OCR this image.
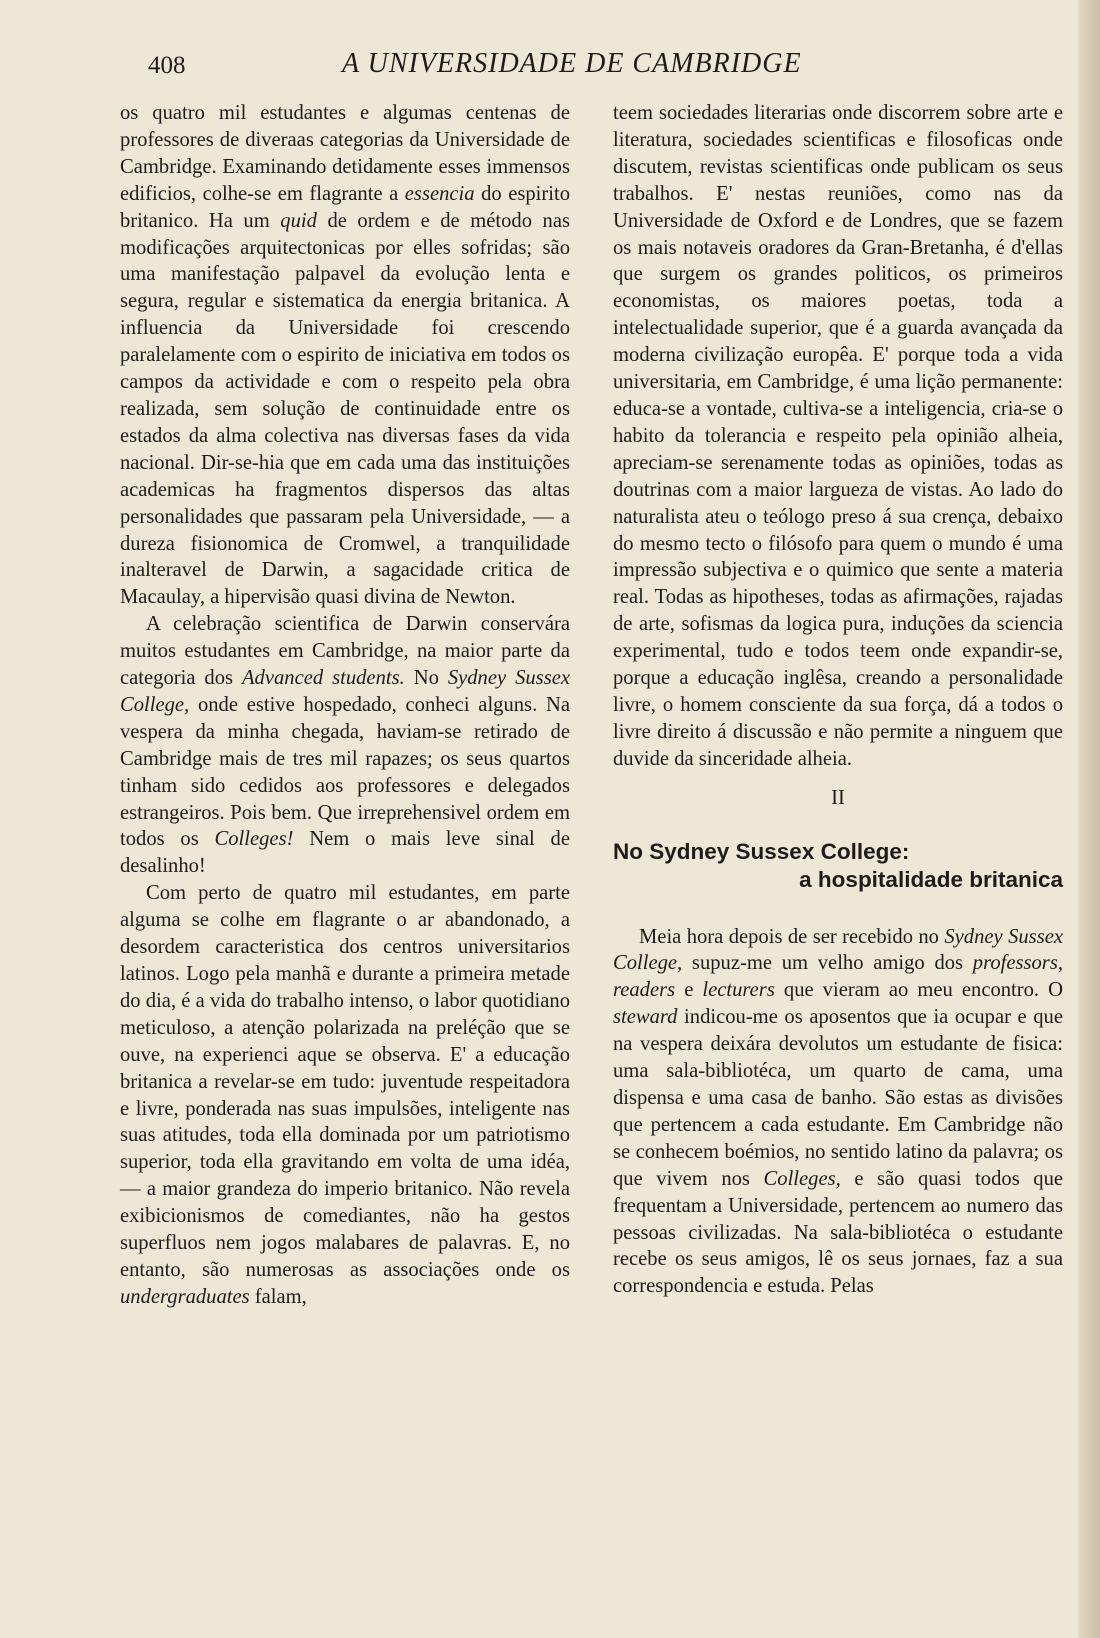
408	A UNIVERSIDADE DE CAMBRIDGE

os quatro mil estudantes e algumas centenas de professores de diveraas categorias da Universidade de Cambridge. Examinando detidamente esses immensos edificios, colhe-se em flagrante a essencia do espirito britanico. Ha um quid de ordem e de método nas modificações arquitectonicas por elles sofridas; são uma manifestação palpavel da evolução lenta e segura, regular e sistematica da energia britanica. A influencia da Universidade foi crescendo paralelamente com o espirito de iniciativa em todos os campos da actividade e com o respeito pela obra realizada, sem solução de continuidade entre os estados da alma colectiva nas diversas fases da vida nacional. Dir-se-hia que em cada uma das instituições academicas ha fragmentos dispersos das altas personalidades que passaram pela Universidade, — a dureza fisionomica de Cromwel, a tranquilidade inalteravel de Darwin, a sagacidade critica de Macaulay, a hipervisão quasi divina de Newton.

A celebração scientifica de Darwin conservára muitos estudantes em Cambridge, na maior parte da categoria dos Advanced students. No Sydney Sussex College, onde estive hospedado, conheci alguns. Na vespera da minha chegada, haviam-se retirado de Cambridge mais de tres mil rapazes; os seus quartos tinham sido cedidos aos professores e delegados estrangeiros. Pois bem. Que irreprehensivel ordem em todos os Colleges! Nem o mais leve sinal de desalinho!

Com perto de quatro mil estudantes, em parte alguma se colhe em flagrante o ar abandonado, a desordem caracteristica dos centros universitarios latinos. Logo pela manhã e durante a primeira metade do dia, é a vida do trabalho intenso, o labor quotidiano meticuloso, a atenção polarizada na preléção que se ouve, na experienci aque se observa. E' a educação britanica a revelar-se em tudo: juventude respeitadora e livre, ponderada nas suas impulsões, inteligente nas suas atitudes, toda ella dominada por um patriotismo superior, toda ella gravitando em volta de uma idéa, — a maior grandeza do imperio britanico. Não revela exibicionismos de comediantes, não ha gestos superfluos nem jogos malabares de palavras. E, no entanto, são numerosas as associações onde os undergraduates falam,

teem sociedades literarias onde discorrem sobre arte e literatura, sociedades scientificas e filosoficas onde discutem, revistas scientificas onde publicam os seus trabalhos. E' nestas reuniões, como nas da Universidade de Oxford e de Londres, que se fazem os mais notaveis oradores da Gran-Bretanha, é d'ellas que surgem os grandes politicos, os primeiros economistas, os maiores poetas, toda a intelectualidade superior, que é a guarda avançada da moderna civilização europêa. E' porque toda a vida universitaria, em Cambridge, é uma lição permanente: educa-se a vontade, cultiva-se a inteligencia, cria-se o habito da tolerancia e respeito pela opinião alheia, apreciam-se serenamente todas as opiniões, todas as doutrinas com a maior largueza de vistas. Ao lado do naturalista ateu o teólogo preso á sua crença, debaixo do mesmo tecto o filósofo para quem o mundo é uma impressão subjectiva e o quimico que sente a materia real. Todas as hipotheses, todas as afirmações, rajadas de arte, sofismas da logica pura, induções da sciencia experimental, tudo e todos teem onde expandir-se, porque a educação inglêsa, creando a personalidade livre, o homem consciente da sua força, dá a todos o livre direito á discussão e não permite a ninguem que duvide da sinceridade alheia.

II
No Sydney Sussex College:
a hospitalidade britanica

Meia hora depois de ser recebido no Sydney Sussex College, supuz-me um velho amigo dos professors, readers e lecturers que vieram ao meu encontro. O steward indicou-me os aposentos que ia ocupar e que na vespera deixára devolutos um estudante de fisica: uma sala-bibliotéca, um quarto de cama, uma dispensa e uma casa de banho. São estas as divisões que pertencem a cada estudante. Em Cambridge não se conhecem boémios, no sentido latino da palavra; os que vivem nos Colleges, e são quasi todos que frequentam a Universidade, pertencem ao numero das pessoas civilizadas. Na sala-bibliotéca o estudante recebe os seus amigos, lê os seus jornaes, faz a sua correspondencia e estuda. Pelas
